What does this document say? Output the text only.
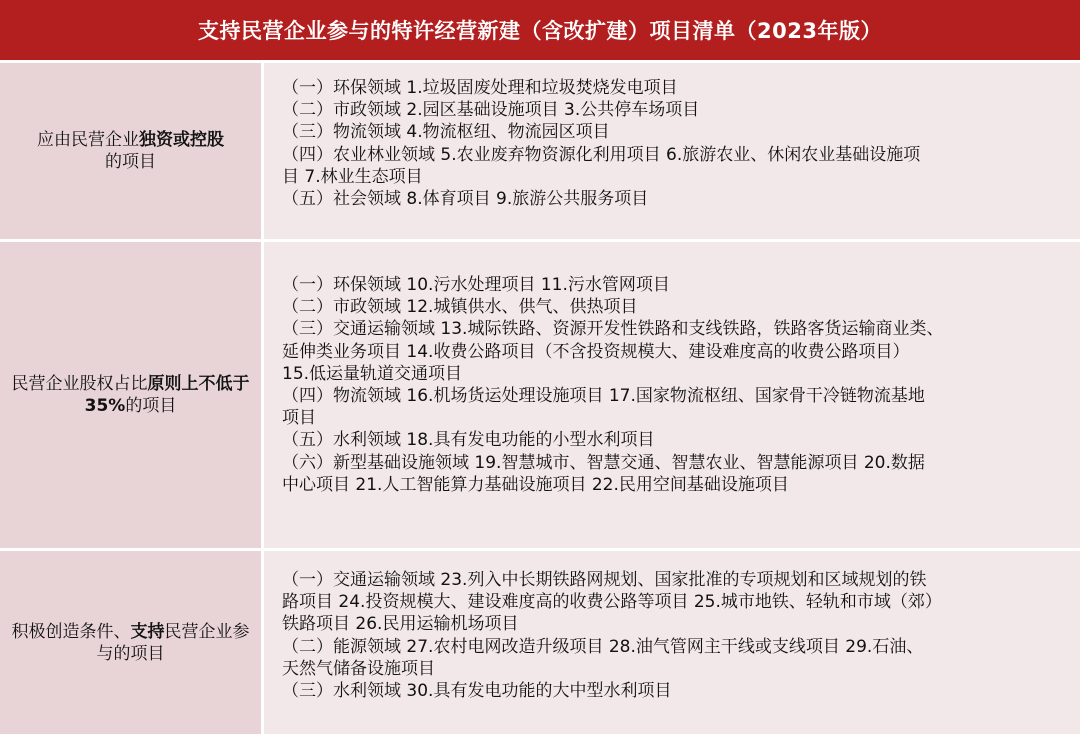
支持民营企业参与的特许经营新建（含改扩建）项目清单（2023年版）
应由民营企业独资或控股
的项目
（一）环保领域 1.垃圾固废处理和垃圾焚烧发电项目
（二）市政领域 2.园区基础设施项目 3.公共停车场项目
（三）物流领域 4.物流枢纽、物流园区项目
（四）农业林业领域 5.农业废弃物资源化利用项目 6.旅游农业、休闲农业基础设施项
目 7.林业生态项目
（五）社会领域 8.体育项目 9.旅游公共服务项目
民营企业股权占比原则上不低于35%的项目
（一）环保领域 10.污水处理项目 11.污水管网项目
（二）市政领域 12.城镇供水、供气、供热项目
（三）交通运输领域 13.城际铁路、资源开发性铁路和支线铁路，铁路客货运输商业类、
延伸类业务项目 14.收费公路项目（不含投资规模大、建设难度高的收费公路项目）
15.低运量轨道交通项目
（四）物流领域 16.机场货运处理设施项目 17.国家物流枢纽、国家骨干冷链物流基地
项目
（五）水利领域 18.具有发电功能的小型水利项目
（六）新型基础设施领域 19.智慧城市、智慧交通、智慧农业、智慧能源项目 20.数据
中心项目 21.人工智能算力基础设施项目 22.民用空间基础设施项目
积极创造条件、支持民营企业参与的项目
（一）交通运输领域 23.列入中长期铁路网规划、国家批准的专项规划和区域规划的铁
路项目 24.投资规模大、建设难度高的收费公路等项目 25.城市地铁、轻轨和市域（郊）
铁路项目 26.民用运输机场项目
（二）能源领域 27.农村电网改造升级项目 28.油气管网主干线或支线项目 29.石油、
天然气储备设施项目
（三）水利领域 30.具有发电功能的大中型水利项目
